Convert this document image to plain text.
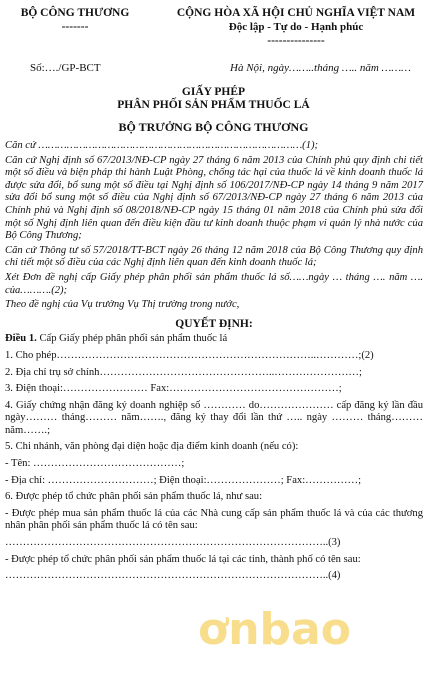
BỘ CÔNG THƯƠNG
-------
CỘNG HÒA XÃ HỘI CHỦ NGHĨA VIỆT NAM
Độc lập - Tự do - Hạnh phúc
---------------
Số:…./GP-BCT	Hà Nội, ngày……..tháng ….. năm ………
GIẤY PHÉP
PHÂN PHỐI SẢN PHẨM THUỐC LÁ
BỘ TRƯỞNG BỘ CÔNG THƯƠNG

Căn cứ …………………………………………………………………………(1);

Căn cứ Nghị định số 67/2013/NĐ-CP ngày 27 tháng 6 năm 2013 của Chính phủ quy định chi tiết một số điều và biện pháp thi hành Luật Phòng, chống tác hại của thuốc lá về kinh doanh thuốc lá được sửa đổi, bổ sung một số điều tại Nghị định số 106/2017/NĐ-CP ngày 14 tháng 9 năm 2017 sửa đổi bổ sung một số điều của Nghị định số 67/2013/NĐ-CP ngày 27 tháng 6 năm 2013 của Chính phủ và Nghị định số 08/2018/NĐ-CP ngày 15 tháng 01 năm 2018 của Chính phủ sửa đổi một số Nghị định liên quan đến điều kiện đầu tư kinh doanh thuộc phạm vi quản lý nhà nước của Bộ Công Thương;

Căn cứ Thông tư số 57/2018/TT-BCT ngày 26 tháng 12 năm 2018 của Bộ Công Thương quy định chi tiết một số điều của các Nghị định liên quan đến kinh doanh thuốc lá;

Xét Đơn đề nghị cấp Giấy phép phân phối sản phẩm thuốc lá số……ngày … tháng …. năm …. của……….(2);

Theo đề nghị của Vụ trưởng Vụ Thị trường trong nước,

QUYẾT ĐỊNH:

Điều 1. Cấp Giấy phép phân phối sản phẩm thuốc lá

1. Cho phép………………………………………………………………..…………;(2)

2. Địa chỉ trụ sở chính…………………………………………..……………………;

3. Điện thoại:…………………… Fax:…………………………………………;

4. Giấy chứng nhận đăng ký doanh nghiệp số ………… do………………… cấp đăng ký lần đầu ngày……… tháng……… năm……., đăng ký thay đổi lần thứ ….. ngày ……… tháng……… năm…….;

5. Chi nhánh, văn phòng đại diện hoặc địa điểm kinh doanh (nếu có):

- Tên: ……………………………………;

- Địa chỉ: …………………………; Điện thoại:…………………; Fax:……………;

6. Được phép tổ chức phân phối sản phẩm thuốc lá, như sau:

- Được phép mua sản phẩm thuốc lá của các Nhà cung cấp sản phẩm thuốc lá và của các thương nhân phân phối sản phẩm thuốc lá có tên sau:

………………………………………………………………………………..(3)

- Được phép tổ chức phân phối sản phẩm thuốc lá tại các tỉnh, thành phố có tên sau:

………………………………………………………………………………..(4)

ơnbao
